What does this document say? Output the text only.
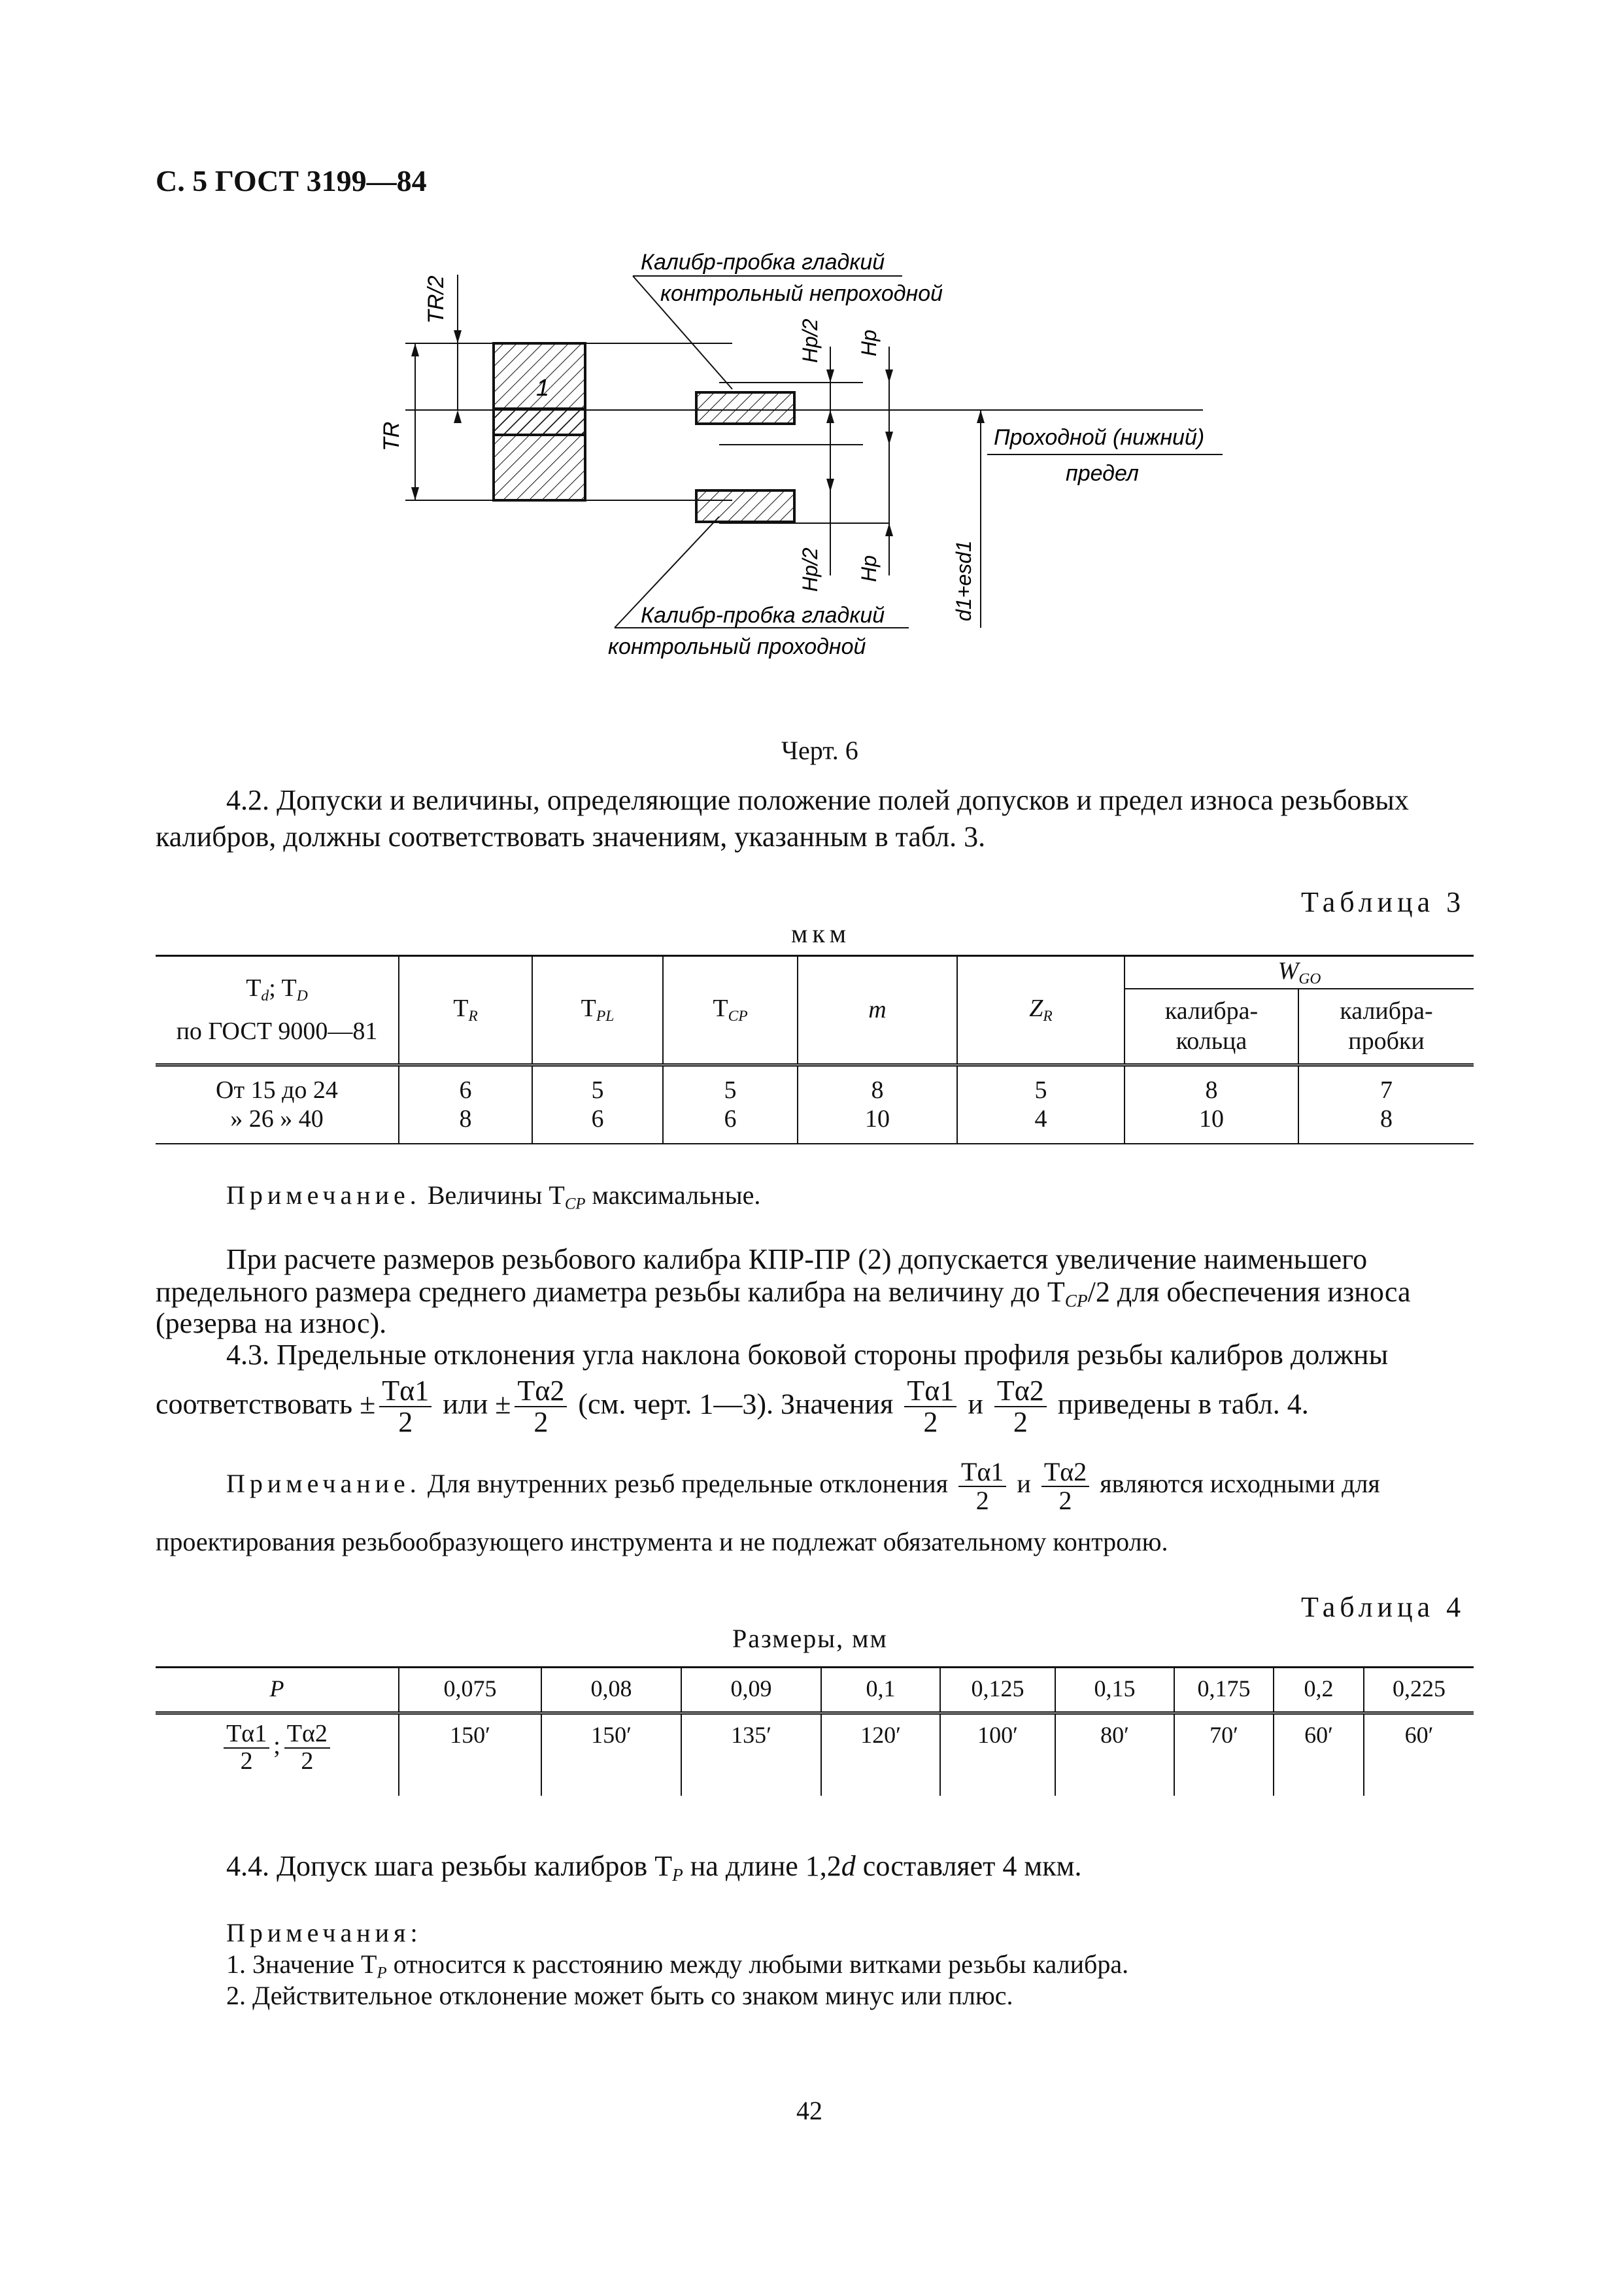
С. 5 ГОСТ 3199—84
Калибр-пробка гладкий
контрольный непроходной
TR
TR/2
1
Hp/2 Hp
Hp/2 Hp	d1+esd1
Проходной (нижний)
предел
Калибр-пробка гладкий
контрольный проходной
Черт. 6
4.2. Допуски и величины, определяющие положение полей допусков и предел износа резьбовых калибров, должны соответствовать значениям, указанным в табл. 3.
Таблица 3
мкм
$T_d$; $T_D$
по ГОСТ 9000—81	$T_R$	$T_{PL}$	$T_{CP}$	m	$Z_R$	$W_{GO}$
						калибра-кольца	калибра-пробки
От 15 до 24	6	5	5	8	5	8	7
» 26 » 40	8	6	6	10	4	10	8
Примечание. Величины $T_{CP}$ максимальные.
При расчете размеров резьбового калибра КПР-ПР (2) допускается увеличение наименьшего
предельного размера среднего диаметра резьбы калибра на величину до $T_{CP}/2$ для обеспечения износа
(резерва на износ).
4.3. Предельные отклонения угла наклона боковой стороны профиля резьбы калибров должны
соответствовать ± $\frac{T\alpha 1}{2}$ или ± $\frac{T\alpha 2}{2} (см$. черт. 1—3). Значения $\frac{T\alpha 1}{2}$ и $\frac{T\alpha 2}{2}$ приведены в табл. 4.
Примечание. Для внутренних резьб предельные отклонения $\frac{T\alpha 1}{2}$ и $\frac{T\alpha 2}{2}$ являются исходными для
проектирования резьбообразующего инструмента и не подлежат обязательному контролю.
Таблица 4
Размеры, мм
P	0,075	0,08	0,09	0,1	0,125	0,15	0,175	0,2	0,225

$\frac{T\alpha 1}{2}$ ; $\frac{T\alpha 2}{2}$	150′	150′	135′	120′	100′	80′	70′	60′	60′
4.4. Допуск шага резьбы калибров $T_P$ на длине 1,2d составляет 4 мкм.
Примечания:
1. Значение $T_P$ относится к расстоянию между любыми витками резьбы калибра.
2. Действительное отклонение может быть со знаком минус или плюс.
42
